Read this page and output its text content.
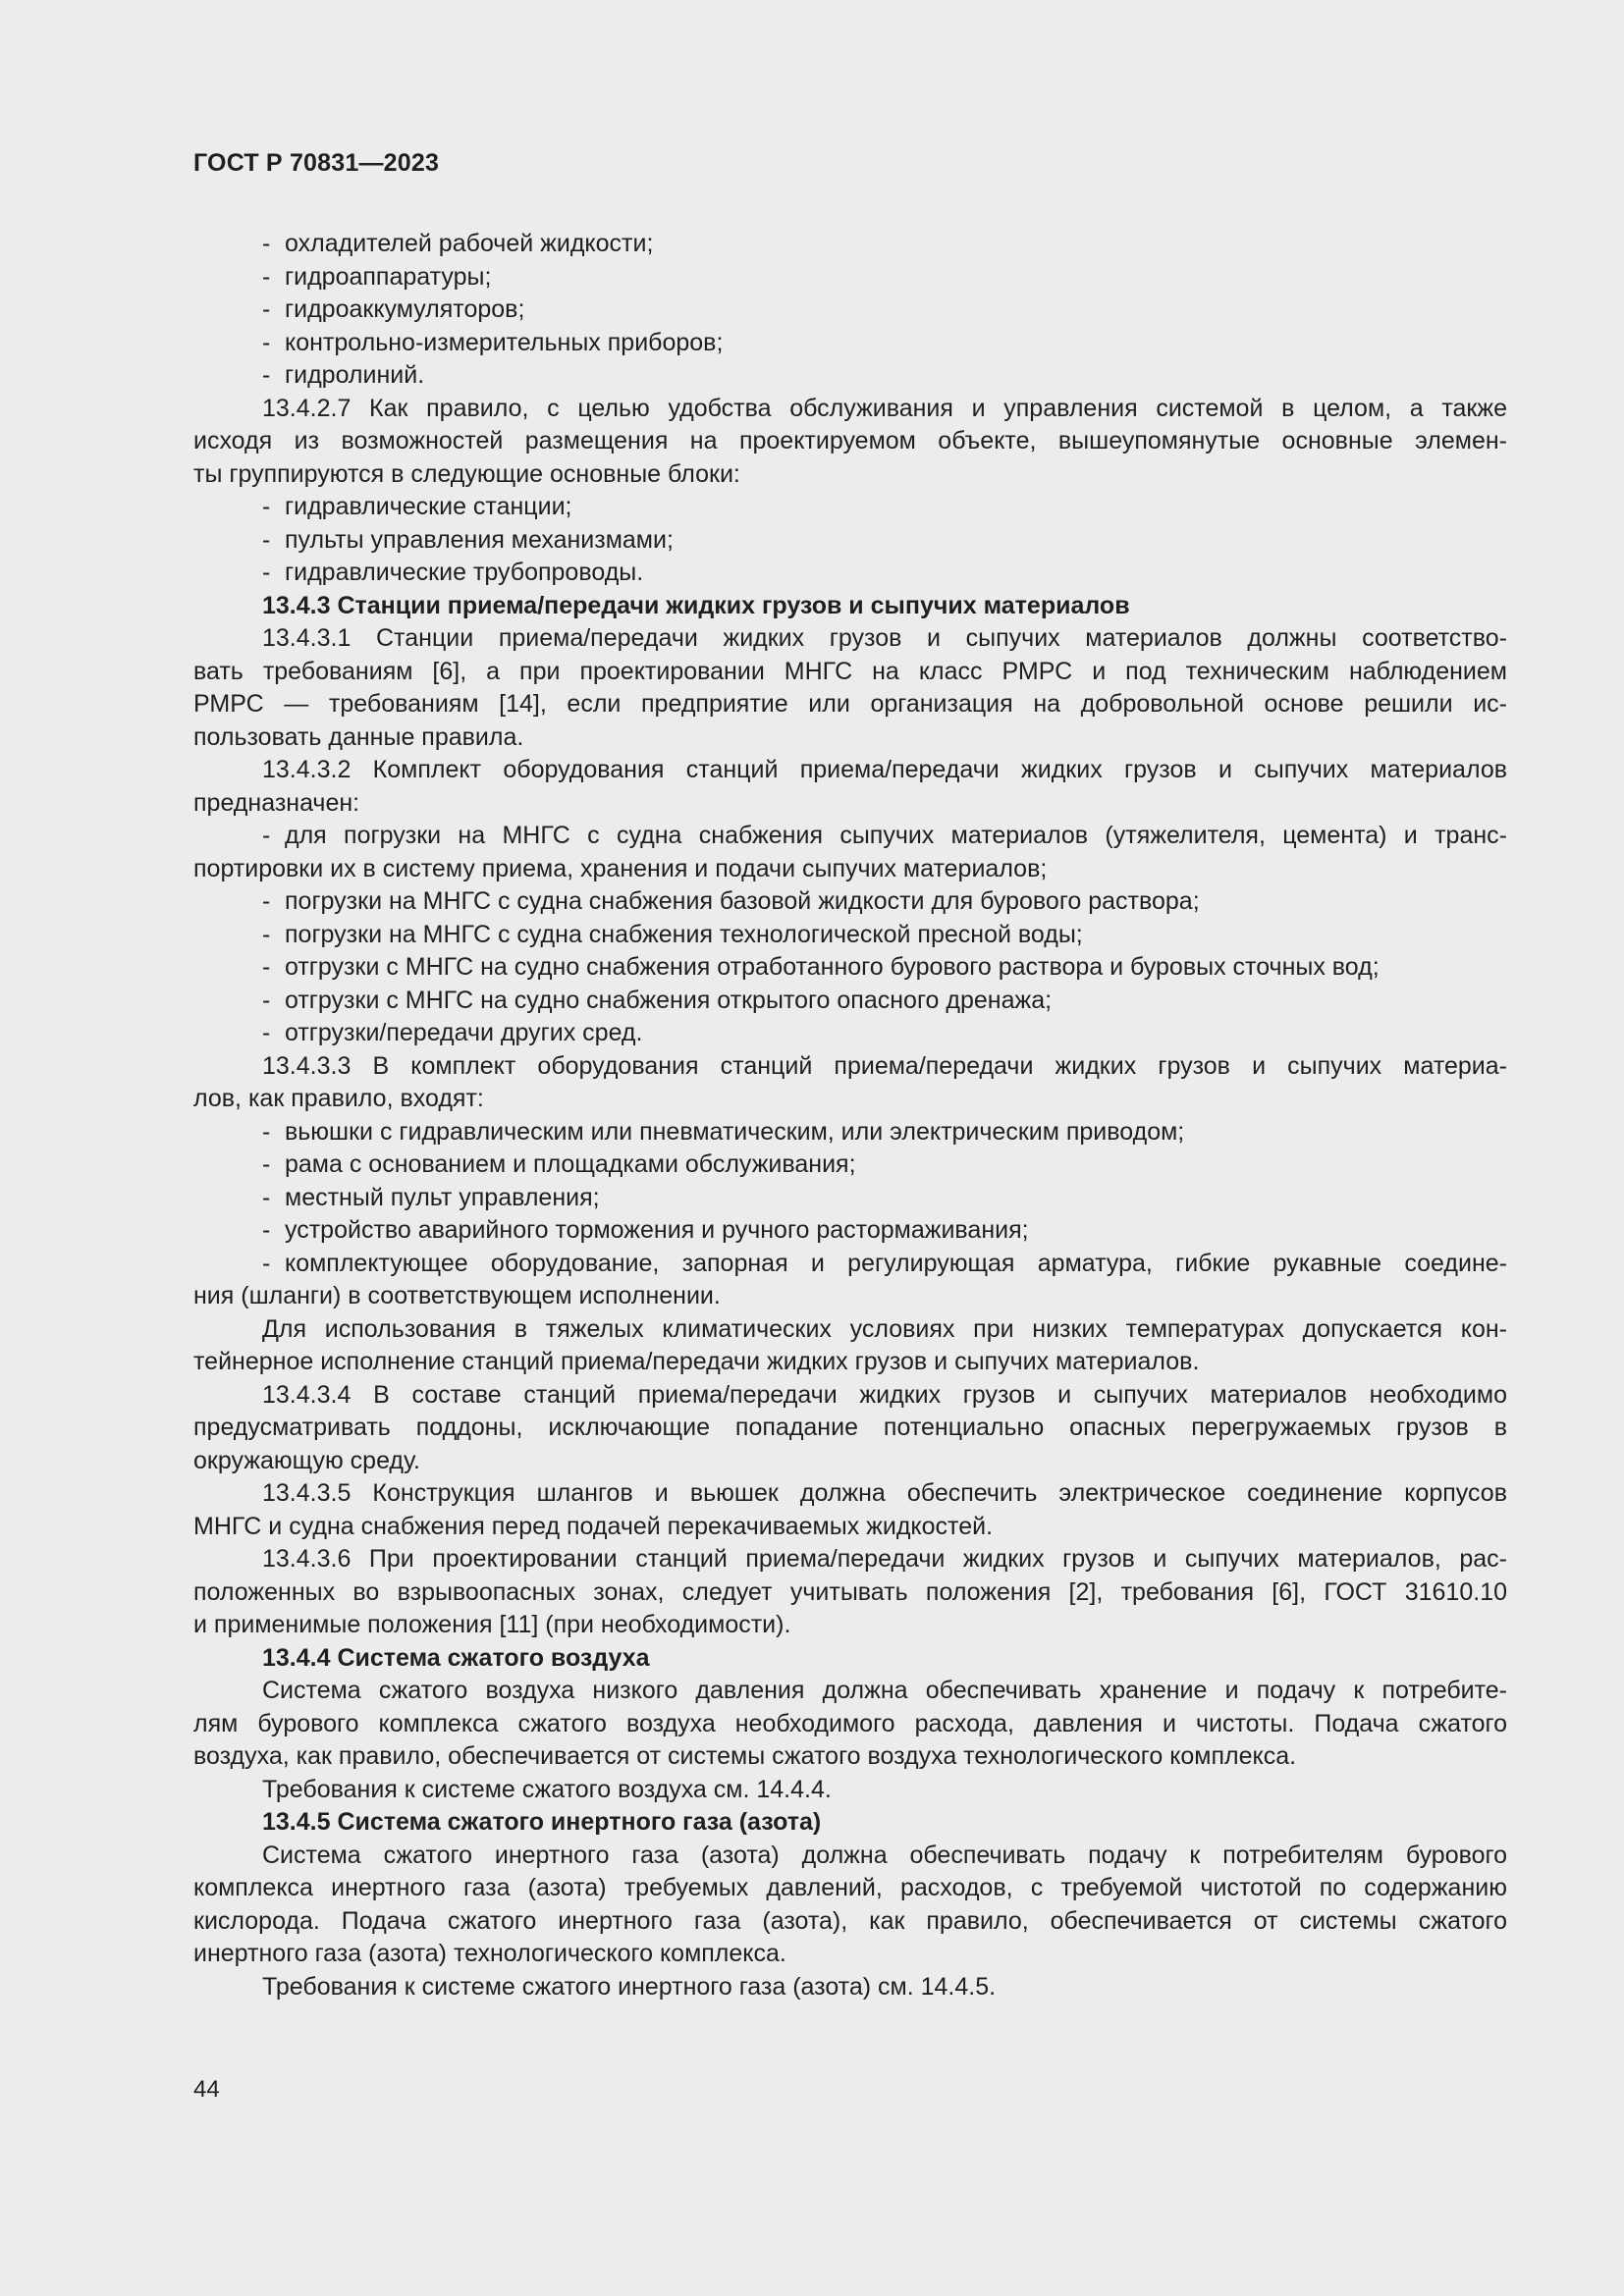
ГОСТ Р 70831—2023
- охладителей рабочей жидкости;
- гидроаппаратуры;
- гидроаккумуляторов;
- контрольно-измерительных приборов;
- гидролиний.
13.4.2.7 Как правило, с целью удобства обслуживания и управления системой в целом, а также
исходя из возможностей размещения на проектируемом объекте, вышеупомянутые основные элемен-
ты группируются в следующие основные блоки:
- гидравлические станции;
- пульты управления механизмами;
- гидравлические трубопроводы.
13.4.3 Станции приема/передачи жидких грузов и сыпучих материалов
13.4.3.1 Станции приема/передачи жидких грузов и сыпучих материалов должны соответство-
вать требованиям [6], а при проектировании МНГС на класс РМРС и под техническим наблюдением
РМРС — требованиям [14], если предприятие или организация на добровольной основе решили ис-
пользовать данные правила.
13.4.3.2 Комплект оборудования станций приема/передачи жидких грузов и сыпучих материалов
предназначен:
- для погрузки на МНГС с судна снабжения сыпучих материалов (утяжелителя, цемента) и транс-
портировки их в систему приема, хранения и подачи сыпучих материалов;
- погрузки на МНГС с судна снабжения базовой жидкости для бурового раствора;
- погрузки на МНГС с судна снабжения технологической пресной воды;
- отгрузки с МНГС на судно снабжения отработанного бурового раствора и буровых сточных вод;
- отгрузки с МНГС на судно снабжения открытого опасного дренажа;
- отгрузки/передачи других сред.
13.4.3.3 В комплект оборудования станций приема/передачи жидких грузов и сыпучих материа-
лов, как правило, входят:
- вьюшки с гидравлическим или пневматическим, или электрическим приводом;
- рама с основанием и площадками обслуживания;
- местный пульт управления;
- устройство аварийного торможения и ручного растормаживания;
- комплектующее оборудование, запорная и регулирующая арматура, гибкие рукавные соедине-
ния (шланги) в соответствующем исполнении.
Для использования в тяжелых климатических условиях при низких температурах допускается кон-
тейнерное исполнение станций приема/передачи жидких грузов и сыпучих материалов.
13.4.3.4 В составе станций приема/передачи жидких грузов и сыпучих материалов необходимо
предусматривать поддоны, исключающие попадание потенциально опасных перегружаемых грузов в
окружающую среду.
13.4.3.5 Конструкция шлангов и вьюшек должна обеспечить электрическое соединение корпусов
МНГС и судна снабжения перед подачей перекачиваемых жидкостей.
13.4.3.6 При проектировании станций приема/передачи жидких грузов и сыпучих материалов, рас-
положенных во взрывоопасных зонах, следует учитывать положения [2], требования [6], ГОСТ 31610.10
и применимые положения [11] (при необходимости).
13.4.4 Система сжатого воздуха
Система сжатого воздуха низкого давления должна обеспечивать хранение и подачу к потребите-
лям бурового комплекса сжатого воздуха необходимого расхода, давления и чистоты. Подача сжатого
воздуха, как правило, обеспечивается от системы сжатого воздуха технологического комплекса.
Требования к системе сжатого воздуха см. 14.4.4.
13.4.5 Система сжатого инертного газа (азота)
Система сжатого инертного газа (азота) должна обеспечивать подачу к потребителям бурового
комплекса инертного газа (азота) требуемых давлений, расходов, с требуемой чистотой по содержанию
кислорода. Подача сжатого инертного газа (азота), как правило, обеспечивается от системы сжатого
инертного газа (азота) технологического комплекса.
Требования к системе сжатого инертного газа (азота) см. 14.4.5.
44
